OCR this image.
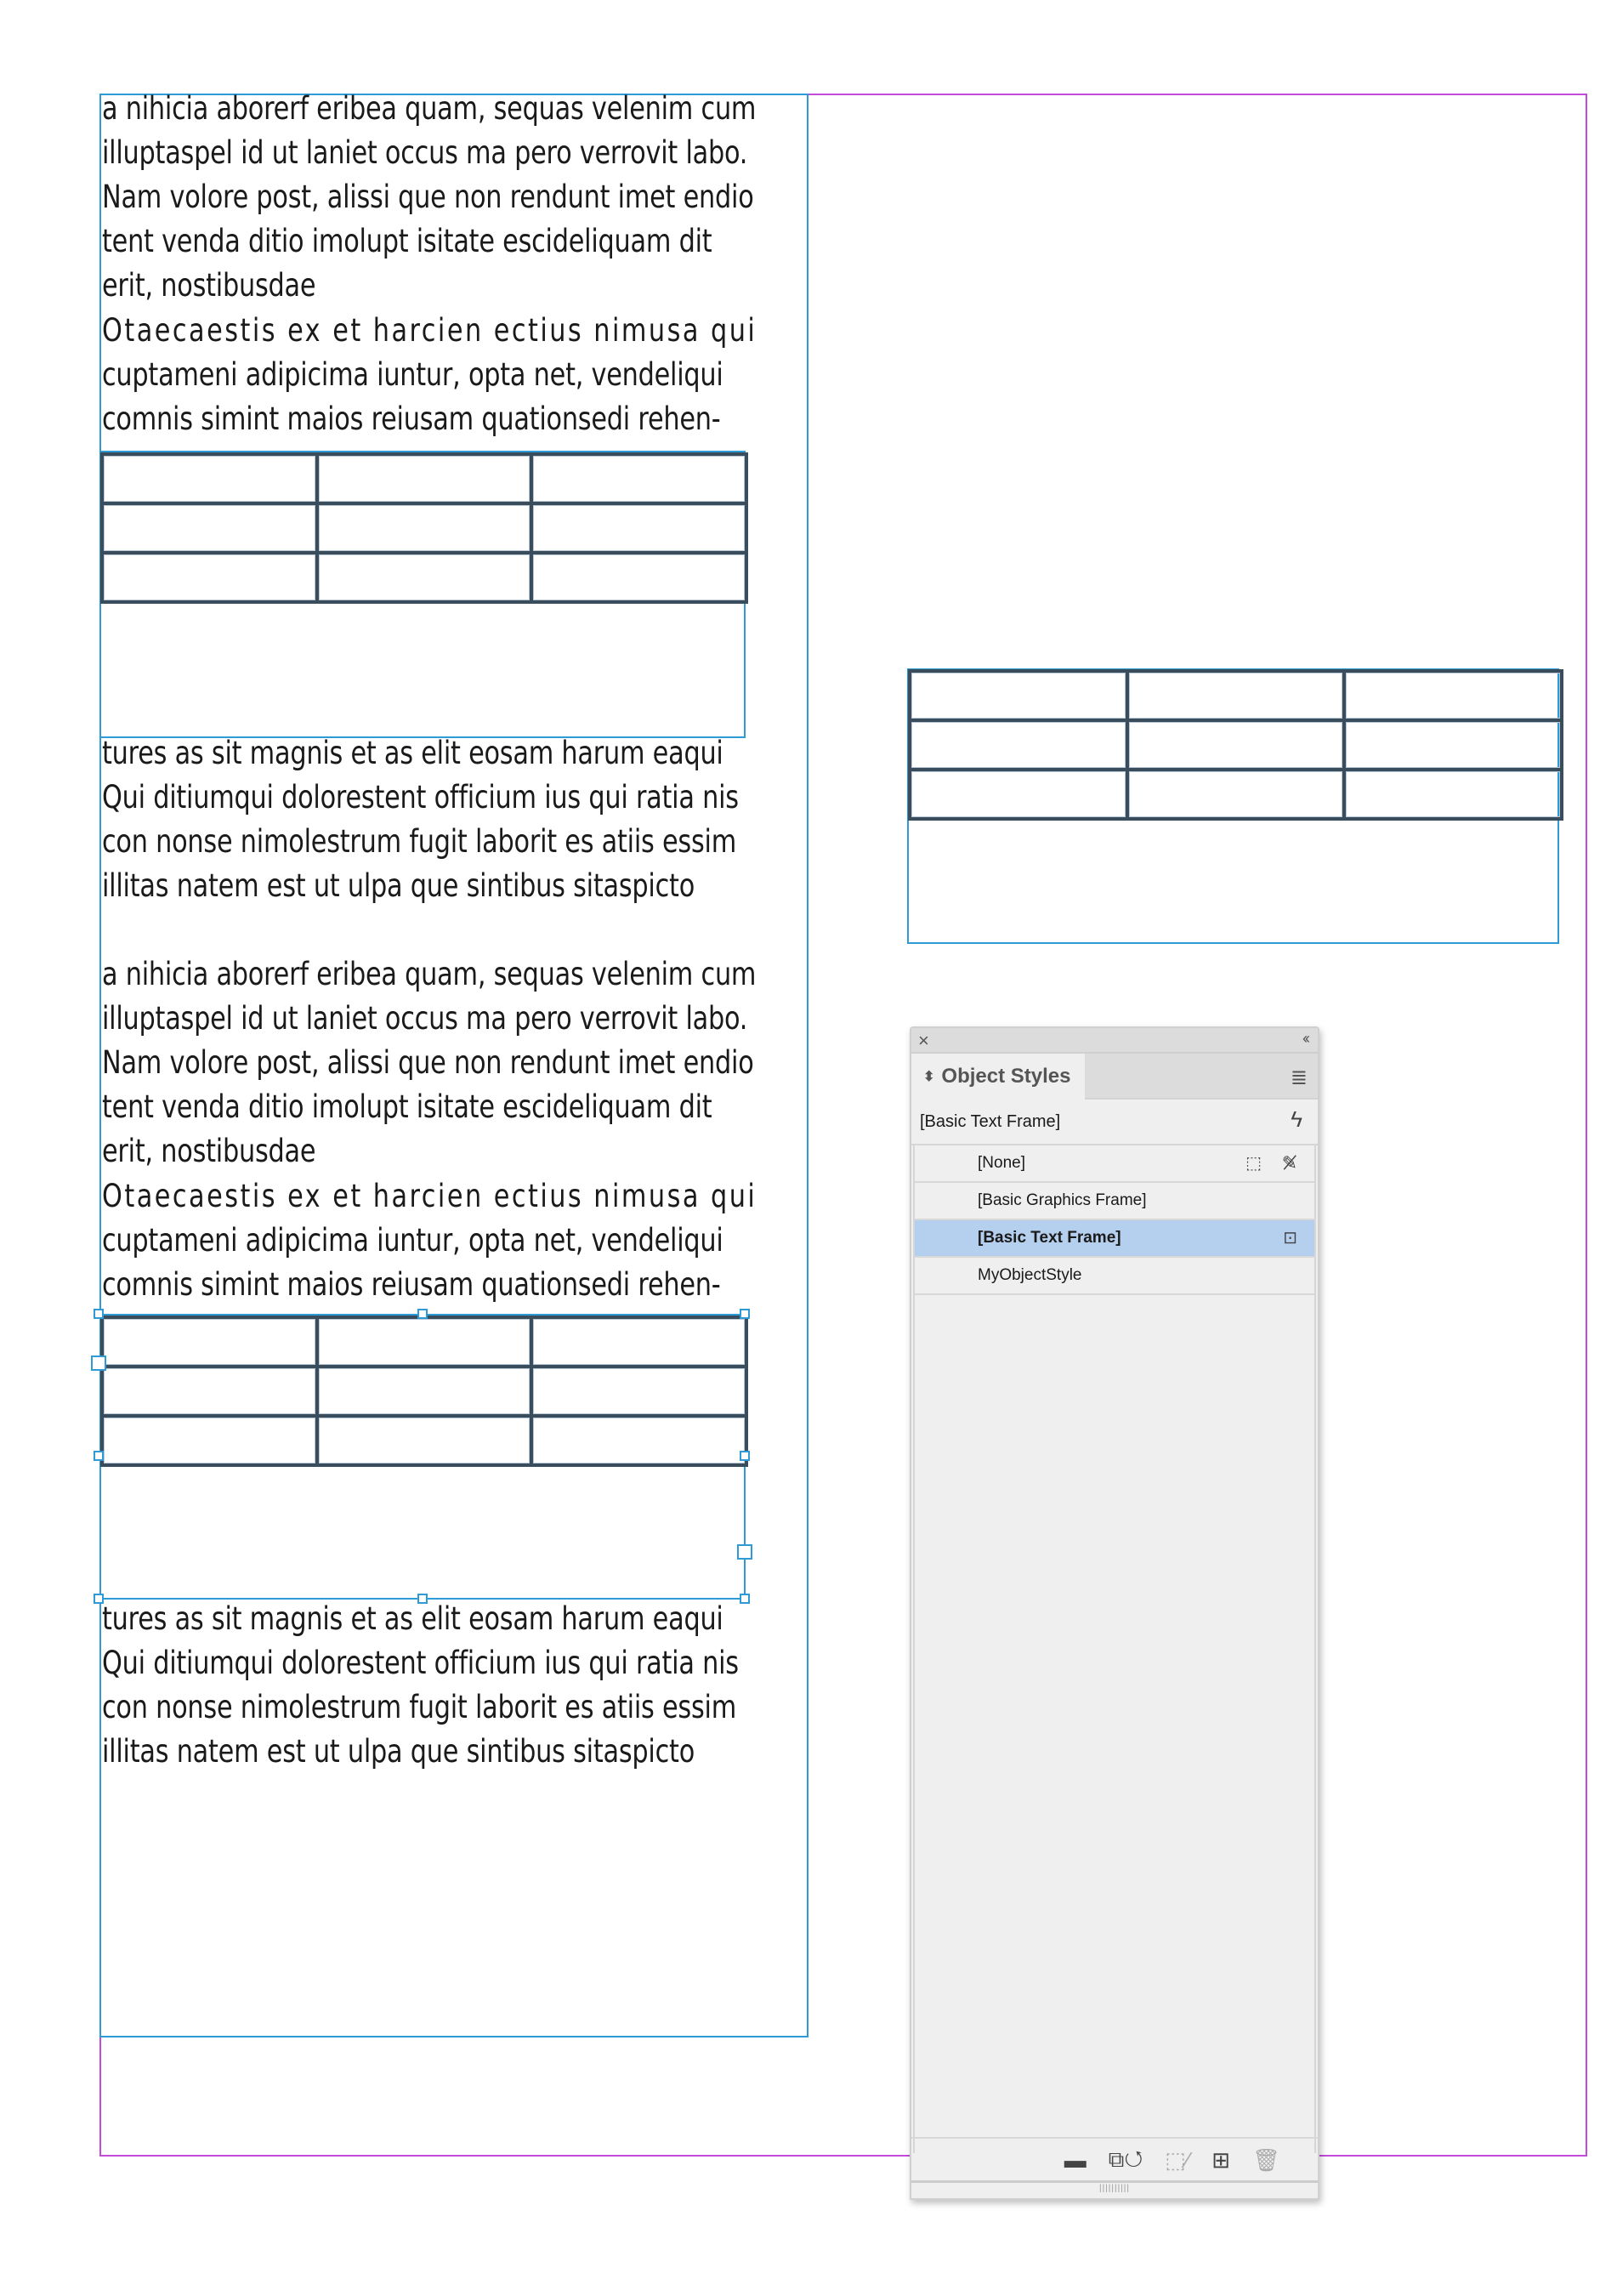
a nihicia aborerf eribea quam, sequas velenim cum
illuptaspel id ut laniet occus ma pero verrovit labo.
Nam volore post, alissi que non rendunt imet endio
tent venda ditio imolupt isitate escideliquam dit
erit, nostibusdae
Otaecaestis ex et harcien ectius nimusa qui
cuptameni adipicima iuntur, opta net, vendeliqui
comnis simint maios reiusam quationsedi rehen-

tures as sit magnis et as elit eosam harum eaqui
Qui ditiumqui dolorestent officium ius qui ratia nis
con nonse nimolestrum fugit laborit es atiis essim
illitas natem est ut ulpa que sintibus sitaspicto
a nihicia aborerf eribea quam, sequas velenim cum
illuptaspel id ut laniet occus ma pero verrovit labo.
Nam volore post, alissi que non rendunt imet endio
tent venda ditio imolupt isitate escideliquam dit
erit, nostibusdae
Otaecaestis ex et harcien ectius nimusa qui
cuptameni adipicima iuntur, opta net, vendeliqui
comnis simint maios reiusam quationsedi rehen-

tures as sit magnis et as elit eosam harum eaqui
Qui ditiumqui dolorestent officium ius qui ratia nis
con nonse nimolestrum fugit laborit es atiis essim
illitas natem est ut ulpa que sintibus sitaspicto

×	‹‹
⬍ Object Styles	≣
[Basic Text Frame]	ϟ
[None]	⬚ ✎̸
[Basic Graphics Frame]
[Basic Text Frame]	⊡
MyObjectStyle
▬ ⧉↺ ⬚⁄ ⊞ 🗑
||||||||||
